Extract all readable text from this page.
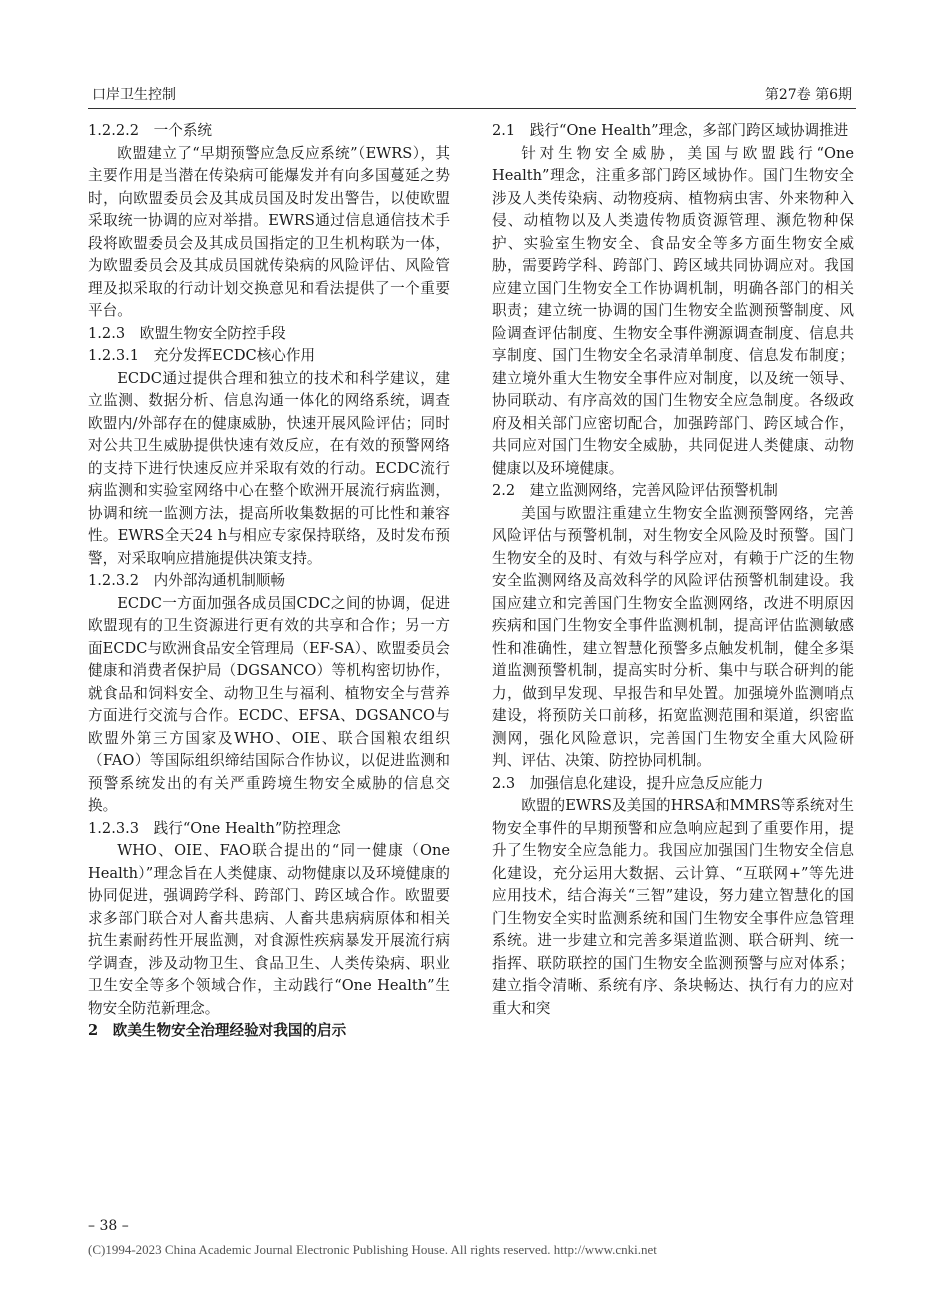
口岸卫生控制	第27卷 第6期
1.2.2.2　一个系统

欧盟建立了“早期预警应急反应系统”（EWRS），其主要作用是当潜在传染病可能爆发并有向多国蔓延之势时，向欧盟委员会及其成员国及时发出警告，以使欧盟采取统一协调的应对举措。EWRS通过信息通信技术手段将欧盟委员会及其成员国指定的卫生机构联为一体，为欧盟委员会及其成员国就传染病的风险评估、风险管理及拟采取的行动计划交换意见和看法提供了一个重要平台。

1.2.3　欧盟生物安全防控手段
1.2.3.1　充分发挥ECDC核心作用

ECDC通过提供合理和独立的技术和科学建议，建立监测、数据分析、信息沟通一体化的网络系统，调查欧盟内/外部存在的健康威胁，快速开展风险评估；同时对公共卫生威胁提供快速有效反应，在有效的预警网络的支持下进行快速反应并采取有效的行动。ECDC流行病监测和实验室网络中心在整个欧洲开展流行病监测，协调和统一监测方法，提高所收集数据的可比性和兼容性。EWRS全天24 h与相应专家保持联络，及时发布预警，对采取响应措施提供决策支持。

1.2.3.2　内外部沟通机制顺畅

ECDC一方面加强各成员国CDC之间的协调，促进欧盟现有的卫生资源进行更有效的共享和合作；另一方面ECDC与欧洲食品安全管理局（EF-SA）、欧盟委员会健康和消费者保护局（DGSANCO）等机构密切协作，就食品和饲料安全、动物卫生与福利、植物安全与营养方面进行交流与合作。ECDC、EFSA、DGSANCO与欧盟外第三方国家及WHO、OIE、联合国粮农组织（FAO）等国际组织缔结国际合作协议，以促进监测和预警系统发出的有关严重跨境生物安全威胁的信息交换。

1.2.3.3　践行“One Health”防控理念

WHO、OIE、FAO联合提出的“同一健康（One Health）”理念旨在人类健康、动物健康以及环境健康的协同促进，强调跨学科、跨部门、跨区域合作。欧盟要求多部门联合对人畜共患病、人畜共患病病原体和相关抗生素耐药性开展监测，对食源性疾病暴发开展流行病学调查，涉及动物卫生、食品卫生、人类传染病、职业卫生安全等多个领域合作，主动践行“One Health”生物安全防范新理念。

2　欧美生物安全治理经验对我国的启示
2.1　践行“One Health”理念，多部门跨区域协调推进

针对生物安全威胁，美国与欧盟践行“One Health”理念，注重多部门跨区域协作。国门生物安全涉及人类传染病、动物疫病、植物病虫害、外来物种入侵、动植物以及人类遗传物质资源管理、濒危物种保护、实验室生物安全、食品安全等多方面生物安全威胁，需要跨学科、跨部门、跨区域共同协调应对。我国应建立国门生物安全工作协调机制，明确各部门的相关职责；建立统一协调的国门生物安全监测预警制度、风险调查评估制度、生物安全事件溯源调查制度、信息共享制度、国门生物安全名录清单制度、信息发布制度；建立境外重大生物安全事件应对制度，以及统一领导、协同联动、有序高效的国门生物安全应急制度。各级政府及相关部门应密切配合，加强跨部门、跨区域合作，共同应对国门生物安全威胁，共同促进人类健康、动物健康以及环境健康。

2.2　建立监测网络，完善风险评估预警机制

美国与欧盟注重建立生物安全监测预警网络，完善风险评估与预警机制，对生物安全风险及时预警。国门生物安全的及时、有效与科学应对，有赖于广泛的生物安全监测网络及高效科学的风险评估预警机制建设。我国应建立和完善国门生物安全监测网络，改进不明原因疾病和国门生物安全事件监测机制，提高评估监测敏感性和准确性，建立智慧化预警多点触发机制，健全多渠道监测预警机制，提高实时分析、集中与联合研判的能力，做到早发现、早报告和早处置。加强境外监测哨点建设，将预防关口前移，拓宽监测范围和渠道，织密监测网，强化风险意识，完善国门生物安全重大风险研判、评估、决策、防控协同机制。

2.3　加强信息化建设，提升应急反应能力

欧盟的EWRS及美国的HRSA和MMRS等系统对生物安全事件的早期预警和应急响应起到了重要作用，提升了生物安全应急能力。我国应加强国门生物安全信息化建设，充分运用大数据、云计算、“互联网+”等先进应用技术，结合海关“三智”建设，努力建立智慧化的国门生物安全实时监测系统和国门生物安全事件应急管理系统。进一步建立和完善多渠道监测、联合研判、统一指挥、联防联控的国门生物安全监测预警与应对体系；建立指令清晰、系统有序、条块畅达、执行有力的应对重大和突

– 38 –
(C)1994-2023 China Academic Journal Electronic Publishing House. All rights reserved. http://www.cnki.net
